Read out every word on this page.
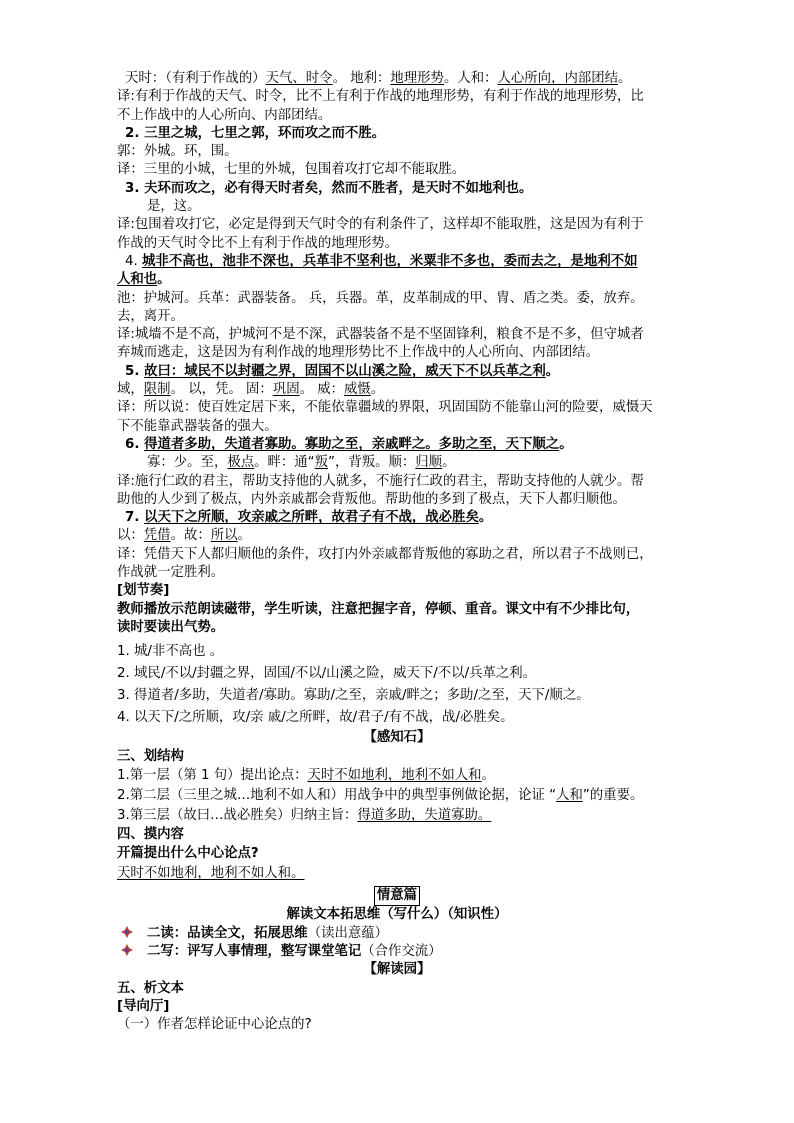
天时：（有利于作战的）天气、时令。 地利：地理形势。人和：人心所向，内部团结。
译:有利于作战的天气、时令，比不上有利于作战的地理形势，有利于作战的地理形势，比
不上作战中的人心所向、内部团结。
2. 三里之城，七里之郭，环而攻之而不胜。
郭：外城。环，围。
译：三里的小城，七里的外城，包围着攻打它却不能取胜。
3. 夫环而攻之，必有得天时者矣，然而不胜者，是天时不如地利也。
是，这。
译:包围着攻打它，必定是得到天气时令的有利条件了，这样却不能取胜，这是因为有利于
作战的天气时令比不上有利于作战的地理形势。
4. 城非不高也，池非不深也，兵革非不坚利也，米粟非不多也，委而去之，是地利不如
人和也。
池：护城河。兵革：武器装备。 兵，兵器。革，皮革制成的甲、冑、盾之类。委，放弃。
去，离开。
译:城墙不是不高，护城河不是不深，武器装备不是不坚固锋利，粮食不是不多，但守城者
弃城而逃走，这是因为有利作战的地理形势比不上作战中的人心所向、内部团结。
5. 故曰：域民不以封疆之界，固国不以山溪之险，威天下不以兵革之利。
域，限制。 以，凭。 固：巩固。 威：威慑。
译：所以说：使百姓定居下来，不能依靠疆域的界限，巩固国防不能靠山河的险要，威慑天
下不能靠武器装备的强大。
6. 得道者多助，失道者寡助。寡助之至，亲戚畔之。多助之至，天下顺之。
寡：少。至，极点。畔：通“叛”，背叛。顺：归顺。
译:施行仁政的君主，帮助支持他的人就多，不施行仁政的君主，帮助支持他的人就少。帮
助他的人少到了极点，内外亲戚都会背叛他。帮助他的多到了极点，天下人都归顺他。
7. 以天下之所顺，攻亲戚之所畔，故君子有不战，战必胜矣。
以：凭借。故：所以。
译：凭借天下人都归顺他的条件，攻打内外亲戚都背叛他的寡助之君，所以君子不战则已，
作战就一定胜利。
[划节奏]
教师播放示范朗读磁带，学生听读，注意把握字音，停顿、重音。课文中有不少排比句，
读时要读出气势。
1. 城/非不高也 。
2. 域民/不以/封疆之界，固国/不以/山溪之险，威天下/不以/兵革之利。
3. 得道者/多助，失道者/寡助。寡助/之至，亲戚/畔之；多助/之至，天下/顺之。
4. 以天下/之所顺，攻/亲 戚/之所畔，故/君子/有不战，战/必胜矣。
【感知石】
三、划结构
1.第一层（第 1 句）提出论点：天时不如地利，地利不如人和。
2.第二层（三里之城…地利不如人和）用战争中的典型事例做论据，论证 “人和”的重要。
3.第三层（故曰…战必胜矣）归纳主旨：得道多助，失道寡助。
四、摸内容
开篇提出什么中心论点?
天时不如地利，地利不如人和。
情意篇
解读文本拓思维（写什么）（知识性）
二读：品读全文，拓展思维（读出意蕴）
二写：评写人事情理，整写课堂笔记（合作交流）
【解读园】
五、析文本
[导向厅]
（一）作者怎样论证中心论点的?
